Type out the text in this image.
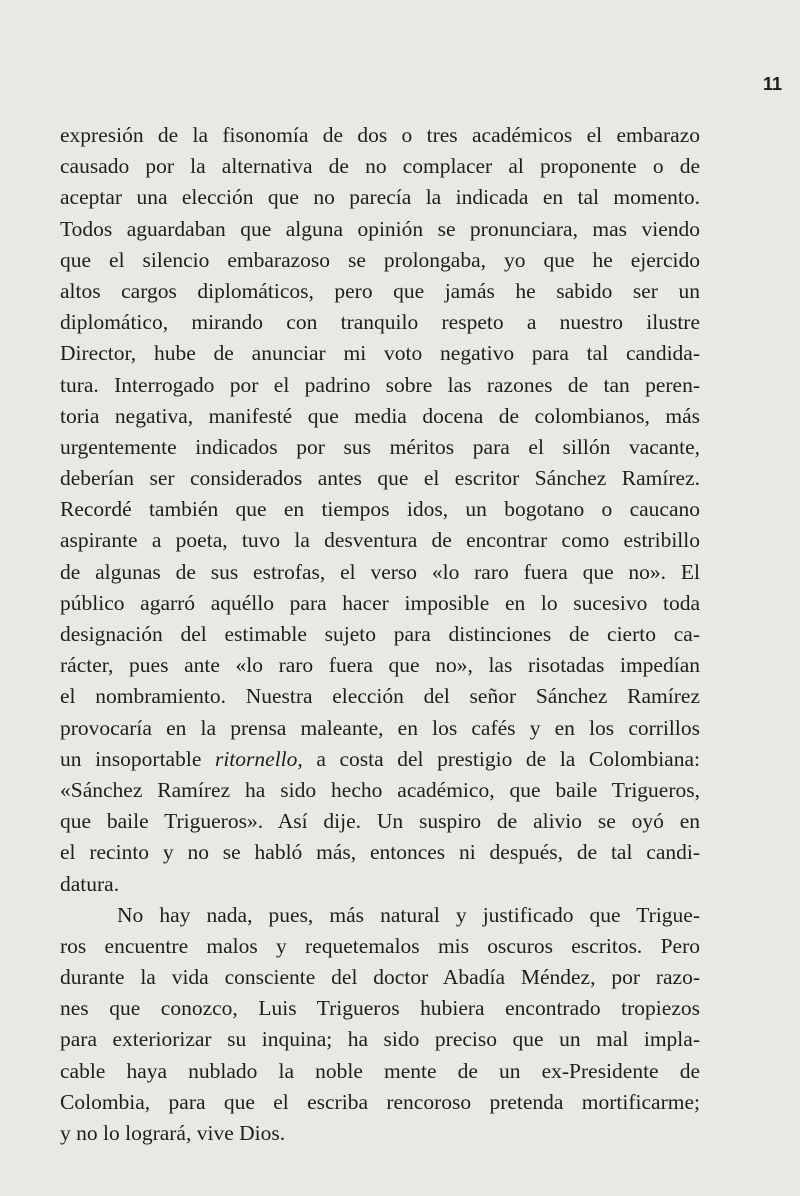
11
expresión de la fisonomía de dos o tres académicos el embarazo
causado por la alternativa de no complacer al proponente o de
aceptar una elección que no parecía la indicada en tal momento.
Todos aguardaban que alguna opinión se pronunciara, mas viendo
que el silencio embarazoso se prolongaba, yo que he ejercido
altos cargos diplomáticos, pero que jamás he sabido ser un
diplomático, mirando con tranquilo respeto a nuestro ilustre
Director, hube de anunciar mi voto negativo para tal candida-
tura. Interrogado por el padrino sobre las razones de tan peren-
toria negativa, manifesté que media docena de colombianos, más
urgentemente indicados por sus méritos para el sillón vacante,
deberían ser considerados antes que el escritor Sánchez Ramírez.
Recordé también que en tiempos idos, un bogotano o caucano
aspirante a poeta, tuvo la desventura de encontrar como estribillo
de algunas de sus estrofas, el verso «lo raro fuera que no». El
público agarró aquéllo para hacer imposible en lo sucesivo toda
designación del estimable sujeto para distinciones de cierto ca-
rácter, pues ante «lo raro fuera que no», las risotadas impedían
el nombramiento. Nuestra elección del señor Sánchez Ramírez
provocaría en la prensa maleante, en los cafés y en los corrillos
un insoportable ritornello, a costa del prestigio de la Colombiana:
«Sánchez Ramírez ha sido hecho académico, que baile Trigueros,
que baile Trigueros». Así dije. Un suspiro de alivio se oyó en
el recinto y no se habló más, entonces ni después, de tal candi-
datura.
No hay nada, pues, más natural y justificado que Trigue-
ros encuentre malos y requetemalos mis oscuros escritos. Pero
durante la vida consciente del doctor Abadía Méndez, por razo-
nes que conozco, Luis Trigueros hubiera encontrado tropiezos
para exteriorizar su inquina; ha sido preciso que un mal impla-
cable haya nublado la noble mente de un ex-Presidente de
Colombia, para que el escriba rencoroso pretenda mortificarme;
y no lo logrará, vive Dios.
